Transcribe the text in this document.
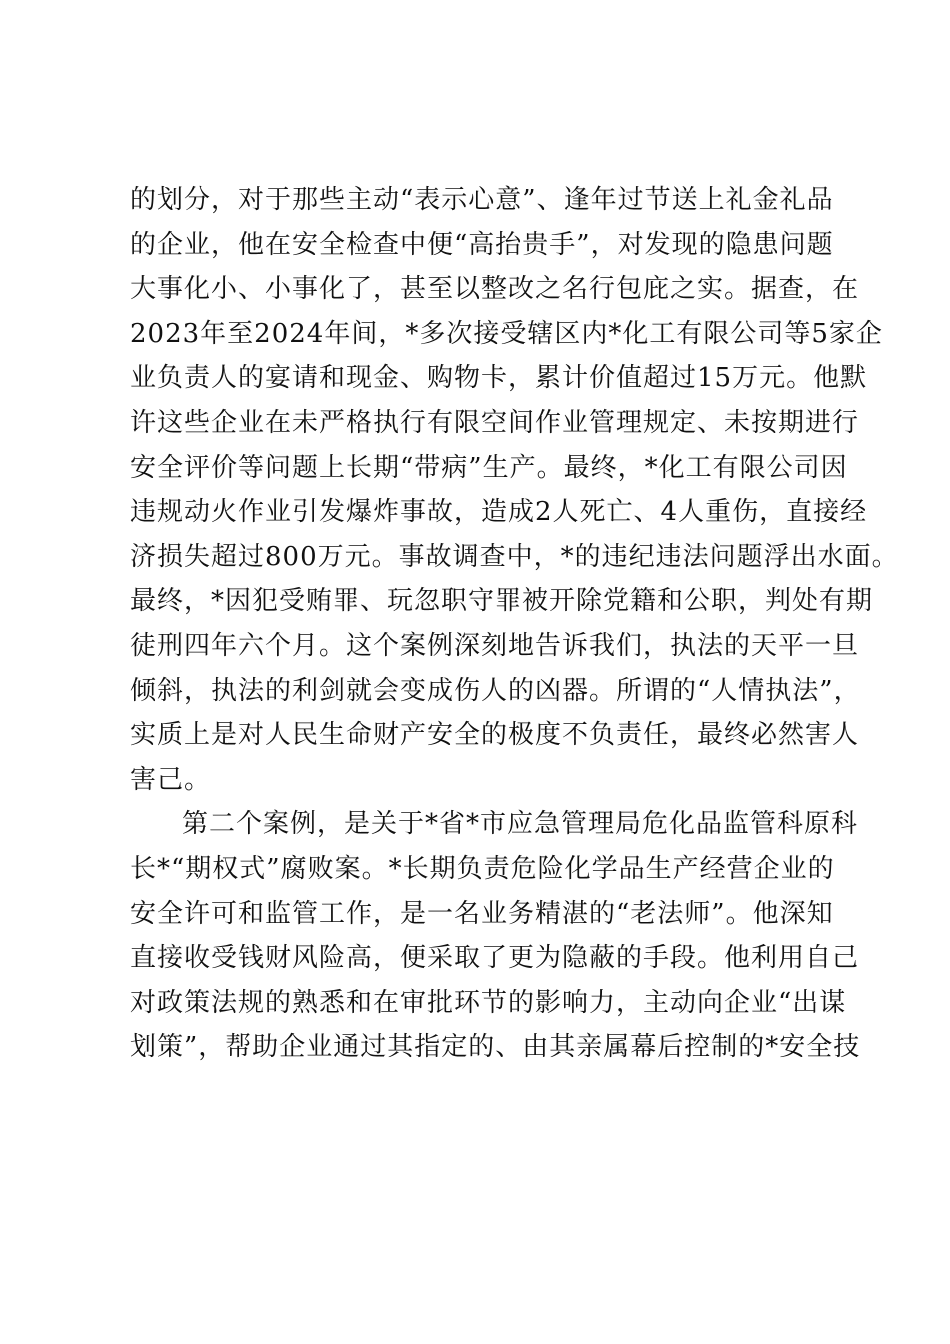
的划分，对于那些主动“表示心意”、逢年过节送上礼金礼品
的企业，他在安全检查中便“高抬贵手”，对发现的隐患问题
大事化小、小事化了，甚至以整改之名行包庇之实。据查，在
2023年至2024年间，*多次接受辖区内*化工有限公司等5家企
业负责人的宴请和现金、购物卡，累计价值超过15万元。他默
许这些企业在未严格执行有限空间作业管理规定、未按期进行
安全评价等问题上长期“带病”生产。最终，*化工有限公司因
违规动火作业引发爆炸事故，造成2人死亡、4人重伤，直接经
济损失超过800万元。事故调查中，*的违纪违法问题浮出水面。
最终，*因犯受贿罪、玩忽职守罪被开除党籍和公职，判处有期
徒刑四年六个月。这个案例深刻地告诉我们，执法的天平一旦
倾斜，执法的利剑就会变成伤人的凶器。所谓的“人情执法”，
实质上是对人民生命财产安全的极度不负责任，最终必然害人
害己。
第二个案例，是关于*省*市应急管理局危化品监管科原科
长*“期权式”腐败案。*长期负责危险化学品生产经营企业的
安全许可和监管工作，是一名业务精湛的“老法师”。他深知
直接收受钱财风险高，便采取了更为隐蔽的手段。他利用自己
对政策法规的熟悉和在审批环节的影响力，主动向企业“出谋
划策”，帮助企业通过其指定的、由其亲属幕后控制的*安全技
